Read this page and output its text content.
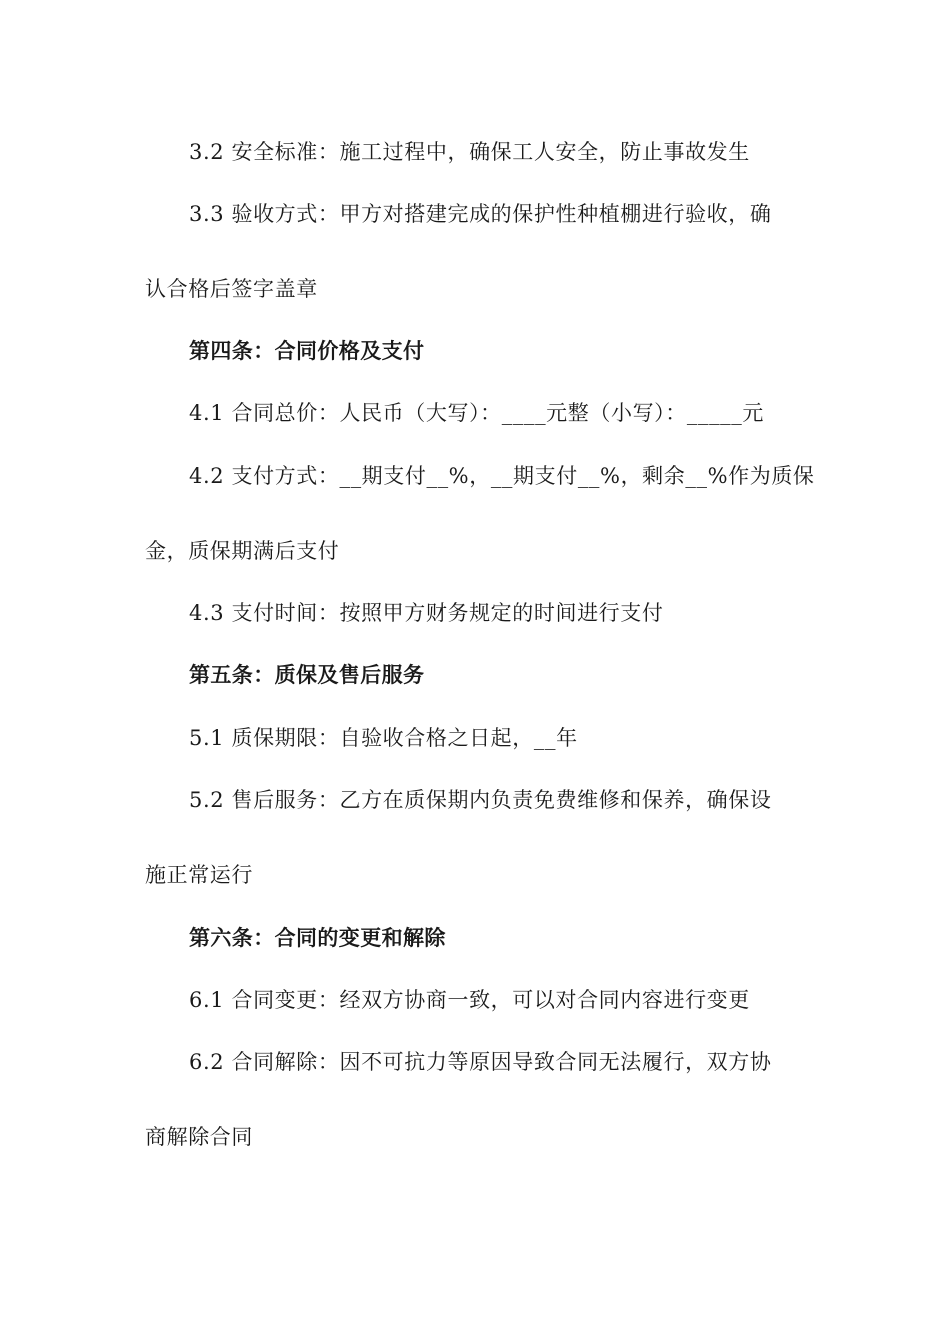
3.2 安全标准：施工过程中，确保工人安全，防止事故发生
3.3 验收方式：甲方对搭建完成的保护性种植棚进行验收，确
认合格后签字盖章
第四条：合同价格及支付
4.1 合同总价：人民币（大写）：____元整（小写）：_____元
4.2 支付方式：__期支付__%，__期支付__%，剩余__%作为质保
金，质保期满后支付
4.3 支付时间：按照甲方财务规定的时间进行支付
第五条：质保及售后服务
5.1 质保期限：自验收合格之日起，__年
5.2 售后服务：乙方在质保期内负责免费维修和保养，确保设
施正常运行
第六条：合同的变更和解除
6.1 合同变更：经双方协商一致，可以对合同内容进行变更
6.2 合同解除：因不可抗力等原因导致合同无法履行，双方协
商解除合同
